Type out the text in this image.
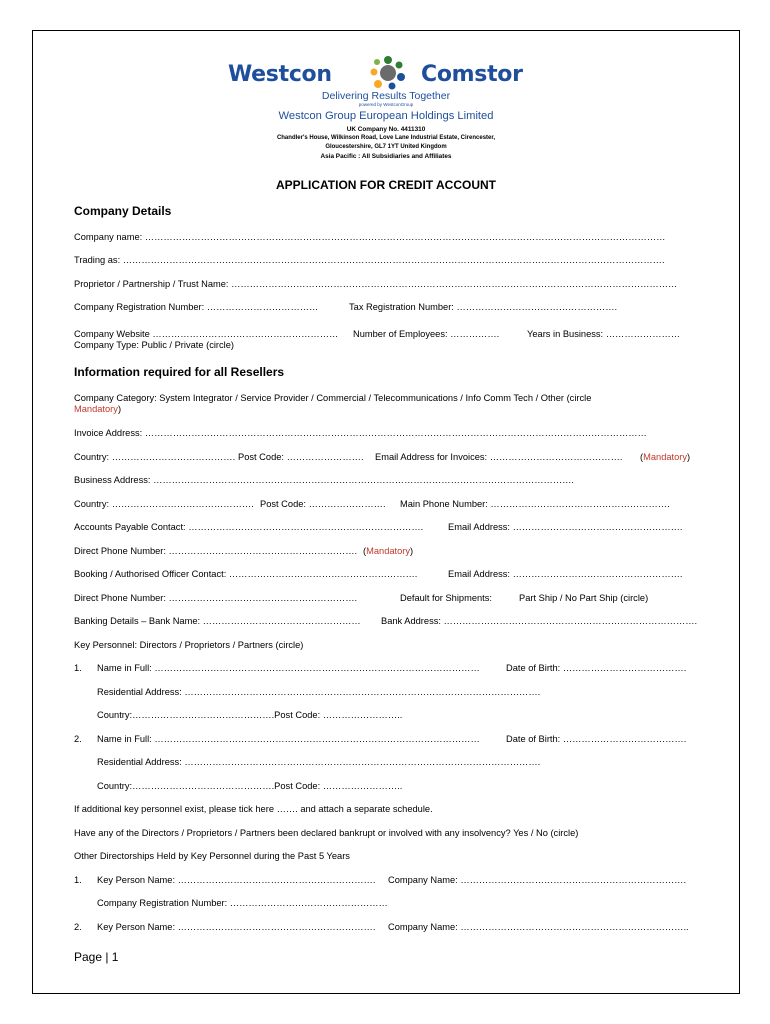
Westcon	Comstor
Delivering Results Together
powered by WestconGroup
Westcon Group European Holdings Limited
UK Company No. 4411310
Chandler's House, Wilkinson Road, Love Lane Industrial Estate, Cirencester,
Gloucestershire, GL7 1YT United Kingdom
Asia Pacific : All Subsidiaries and Affiliates
APPLICATION FOR CREDIT ACCOUNT
Company Details
Company name: ……………………………………………………………………………………………………………………………………………………
Trading as: ………………………………………………………………………………………………………………………………………………………….
Proprietor / Partnership / Trust Name: ………………………………………………………………………………………………………………………………
Company Registration Number: ………………………………	Tax Registration Number: …………………………………………….
Company Website …………………………………………………… Number of Employees: …………….	Years in Business: ……………………
Company Type: Public / Private (circle)
Information required for all Resellers
Company Category: System Integrator / Service Provider / Commercial / Telecommunications / Info Comm Tech / Other (circle
Mandatory)
Invoice Address: ………………………………………………………………………………………………………………………………………………
Country: …………………………………. Post Code: ……………………. Email Address for Invoices: ……………………………………. (Mandatory)
Business Address: ……………………………………………………………………………………………………………………….
Country: ………………………………………. Post Code: ……………………. Main Phone Number: ………………………………………………….
Accounts Payable Contact: ………………………………………………………………….	Email Address: ……………………………………………….
Direct Phone Number: ……………………………………………………. (Mandatory)
Booking / Authorised Officer Contact: …………………………………………………….	Email Address: ……………………………………………….
Direct Phone Number: …………………………………………………….	Default for Shipments:	Part Ship / No Part Ship (circle)
Banking Details – Bank Name: …………………………………………… Bank Address: ……………………………………………………………………….
Key Personnel: Directors / Proprietors / Partners (circle)
1. Name in Full: ……………………………………………………………………………………………	Date of Birth: ………………………………….
Residential Address: …………………………………………………………………………………………………….
Country:……………………………………….Post Code: ……………………..
2. Name in Full: ……………………………………………………………………………………………	Date of Birth: ………………………………….
Residential Address: …………………………………………………………………………………………………….
Country:……………………………………….Post Code: ……………………..
If additional key personnel exist, please tick here ……. and attach a separate schedule.
Have any of the Directors / Proprietors / Partners been declared bankrupt or involved with any insolvency? Yes / No (circle)
Other Directorships Held by Key Personnel during the Past 5 Years
1. Key Person Name: ………………………………………………………. Company Name: ……………………………………………………………….
Company Registration Number: ……………………………………………
2. Key Person Name: ………………………………………………………. Company Name: ………………………………………………………………..
Page | 1
